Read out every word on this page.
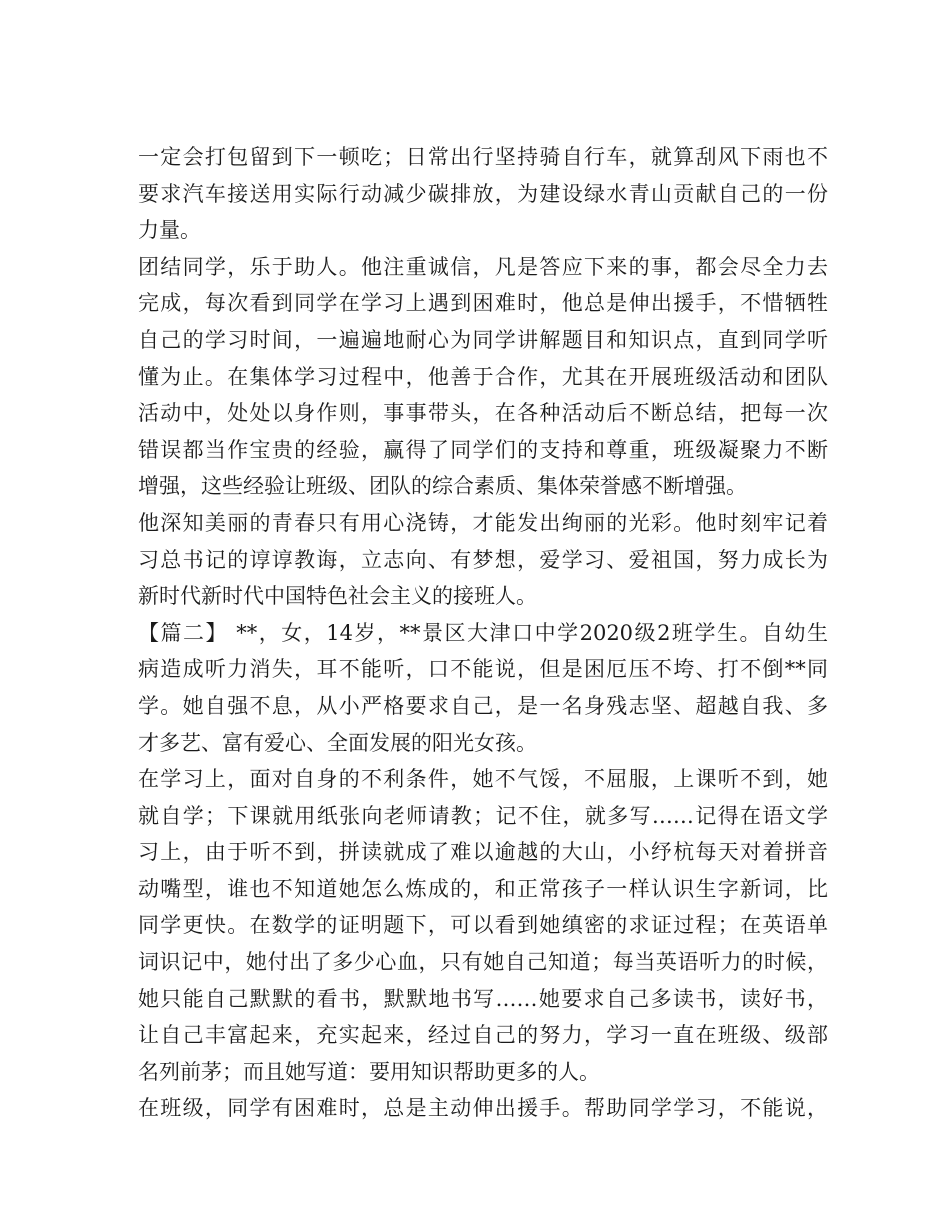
一定会打包留到下一顿吃；日常出行坚持骑自行车，就算刮风下雨也不
要求汽车接送用实际行动减少碳排放，为建设绿水青山贡献自己的一份
力量。
团结同学，乐于助人。他注重诚信，凡是答应下来的事，都会尽全力去
完成，每次看到同学在学习上遇到困难时，他总是伸出援手，不惜牺牲
自己的学习时间，一遍遍地耐心为同学讲解题目和知识点，直到同学听
懂为止。在集体学习过程中，他善于合作，尤其在开展班级活动和团队
活动中，处处以身作则，事事带头，在各种活动后不断总结，把每一次
错误都当作宝贵的经验，赢得了同学们的支持和尊重，班级凝聚力不断
增强，这些经验让班级、团队的综合素质、集体荣誉感不断增强。
他深知美丽的青春只有用心浇铸，才能发出绚丽的光彩。他时刻牢记着
习总书记的谆谆教诲，立志向、有梦想，爱学习、爱祖国，努力成长为
新时代新时代中国特色社会主义的接班人。
【篇二】 **，女，14岁，**景区大津口中学2020级2班学生。自幼生
病造成听力消失，耳不能听，口不能说，但是困厄压不垮、打不倒**同
学。她自强不息，从小严格要求自己，是一名身残志坚、超越自我、多
才多艺、富有爱心、全面发展的阳光女孩。
在学习上，面对自身的不利条件，她不气馁，不屈服，上课听不到，她
就自学；下课就用纸张向老师请教；记不住，就多写……记得在语文学
习上，由于听不到，拼读就成了难以逾越的大山，小纾杭每天对着拼音
动嘴型，谁也不知道她怎么炼成的，和正常孩子一样认识生字新词，比
同学更快。在数学的证明题下，可以看到她缜密的求证过程；在英语单
词识记中，她付出了多少心血，只有她自己知道；每当英语听力的时候，
她只能自己默默的看书，默默地书写……她要求自己多读书，读好书，
让自己丰富起来，充实起来，经过自己的努力，学习一直在班级、级部
名列前茅；而且她写道：要用知识帮助更多的人。
在班级，同学有困难时，总是主动伸出援手。帮助同学学习，不能说，
